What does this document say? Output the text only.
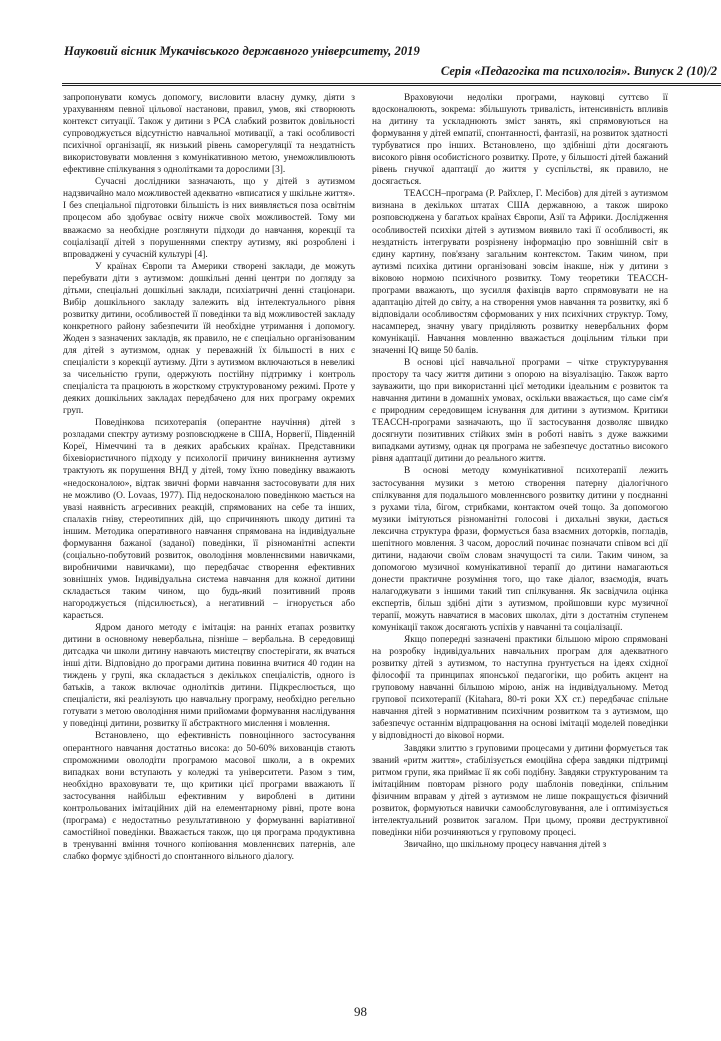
Науковий вісник Мукачівського державного університету, 2019
Серія «Педагогіка та психологія». Випуск 2 (10)/2

запропонувати комусь допомогу, висловити власну думку, діяти з урахуванням певної цільової настанови, правил, умов, які створюють контекст ситуації. Також у дитини з РСА слабкий розвиток довільності супроводжується відсутністю навчальної мотивації, а такі особливості психічної організації, як низький рівень саморегуляції та нездатність використовувати мовлення з комунікативною метою, унеможливлюють ефективне спілкування з однолітками та дорослими [3].

Сучасні дослідники зазначають, що у дітей з аутизмом надзвичайно мало можливостей адекватно «вписатися у шкільне життя». І без спеціальної підготовки більшість із них виявляється поза освітнім процесом або здобуває освіту нижче своїх можливостей. Тому ми вважаємо за необхідне розглянути підходи до навчання, корекції та соціалізації дітей з порушеннями спектру аутизму, які розроблені і впроваджені у сучасній культурі [4].

У країнах Європи та Америки створені заклади, де можуть перебувати діти з аутизмом: дошкільні денні центри по догляду за дітьми, спеціальні дошкільні заклади, психіатричні денні стаціонари. Вибір дошкільного закладу залежить від інтелектуального рівня розвитку дитини, особливостей її поведінки та від можливостей закладу конкретного району забезпечити їй необхідне утримання і допомогу. Жоден з зазначених закладів, як правило, не є спеціально організованим для дітей з аутизмом, однак у переважній їх більшості в них є спеціалісти з корекції аутизму. Діти з аутизмом включаються в невеликі за чисельністю групи, одержують постійну підтримку і контроль спеціаліста та працюють в жорсткому структурованому режимі. Проте у деяких дошкільних закладах передбачено для них програму окремих груп.

Поведінкова психотерапія (оперантне научіння) дітей з розладами спектру аутизму розповсюджене в США, Норвегії, Південній Кореї, Німеччині та в деяких арабських країнах. Представники біхевіористичного підходу у психології причину виникнення аутизму трактують як порушення ВНД у дітей, тому їхню поведінку вважають «недосконалою», відтак звичні форми навчання застосовувати для них не можливо (O. Lovaas, 1977). Під недосконалою поведінкою мається на увазі наявність агресивних реакцій, спрямованих на себе та інших, спалахів гніву, стереотипних дій, що спричиняють шкоду дитині та іншим. Методика оперативного навчання спрямована на індивідуальне формування бажаної (заданої) поведінки, її різноманітні аспекти (соціально-побутовий розвиток, оволодіння мовленнєвими навичками, виробничими навичками), що передбачає створення ефективних зовнішніх умов. Індивідуальна система навчання для кожної дитини складається таким чином, що будь-який позитивний прояв нагороджується (підсилюється), а негативний – ігнорується або карається.

Ядром даного методу є імітація: на ранніх етапах розвитку дитини в основному невербальна, пізніше – вербальна. В середовищі дитсадка чи школи дитину навчають мистецтву спостерігати, як вчаться інші діти. Відповідно до програми дитина повинна вчитися 40 годин на тиждень у групі, яка складається з декількох спеціалістів, одного із батьків, а також включає однолітків дитини. Підкреслюється, що спеціалісти, які реалізують цю навчальну програму, необхідно регельно готувати з метою оволодіння ними прийомами формування наслідування у поведінці дитини, розвитку її абстрактного мислення і мовлення.

Встановлено, що ефективність повноцінного застосування оперантного навчання достатньо висока: до 50-60% вихованців стають спроможними оволодіти програмою масової школи, а в окремих випадках вони вступають у коледжі та університети. Разом з тим, необхідно враховувати те, що критики цієї програми вважають її застосування найбільш ефективним у вироблені в дитини контрольованих імітаційних дій на елементарному рівні, проте вона (програма) є недостатньо результативною у формуванні варіативної самостійної поведінки. Вважається також, що ця програма продуктивна в тренуванні вміння точного копіювання мовленнєвих патернів, але слабко формує здібності до спонтанного вільного діалогу.

Враховуючи недоліки програми, науковці суттєво її вдосконалюють, зокрема: збільшують тривалість, інтенсивність впливів на дитину та ускладнюють зміст занять, які спрямовуються на формування у дітей емпатії, спонтанності, фантазії, на розвиток здатності турбуватися про інших. Встановлено, що здібніші діти досягають високого рівня особистісного розвитку. Проте, у більшості дітей бажаний рівень гнучкої адаптації до життя у суспільстві, як правило, не досягається.

TEACCH–програма (Р. Райхлер, Г. Месібов) для дітей з аутизмом визнана в декількох штатах США державною, а також широко розповсюджена у багатьох країнах Європи, Азії та Африки. Дослідження особливостей психіки дітей з аутизмом виявило такі її особливості, як нездатність інтегрувати розрізнену інформацію про зовнішній світ в єдину картину, пов'язану загальним контекстом. Таким чином, при аутизмі психіка дитини організовані зовсім інакше, ніж у дитини з віковою нормою психічного розвитку. Тому теоретики TEACCH-програми вважають, що зусилля фахівців варто спрямовувати не на адаптацію дітей до світу, а на створення умов навчання та розвитку, які б відповідали особливостям сформованих у них психічних структур. Тому, насамперед, значну увагу приділяють розвитку невербальних форм комунікації. Навчання мовленню вважається доцільним тільки при значенні IQ вище 50 балів.

В основі цієї навчальної програми – чітке структурування простору та часу життя дитини з опорою на візуалізацію. Також варто зауважити, що при використанні цієї методики ідеальним є розвиток та навчання дитини в домашніх умовах, оскільки вважається, що саме сім'я є природним середовищем існування для дитини з аутизмом. Критики TEACCH-програми зазначають, що її застосування дозволяє швидко досягнути позитивних стійких змін в роботі навіть з дуже важкими випадками аутизму, однак ця програма не забезпечує достатньо високого рівня адаптації дитини до реального життя.

В основі методу комунікативної психотерапії лежить застосування музики з метою створення патерну діалогічного спілкування для подальшого мовленнєвого розвитку дитини у поєднанні з рухами тіла, бігом, стрибками, контактом очей тощо. За допомогою музики імітуються різноманітні голосові і дихальні звуки, дається лексична структура фрази, формується база взаємних доторків, погладів, шепітного мовлення. З часом, дорослий починає позначати співом всі дії дитини, надаючи своїм словам значущості та сили. Таким чином, за допомогою музичної комунікативної терапії до дитини намагаються донести практичне розуміння того, що таке діалог, взаємодія, вчать налагоджувати з іншими такий тип спілкування. Як засвідчила оцінка експертів, більш здібні діти з аутизмом, пройшовши курс музичної терапії, можуть навчатися в масових школах, діти з достатнім ступенем комунікації також досягають успіхів у навчанні та соціалізації.

Якщо попередні зазначені практики більшою мірою спрямовані на розробку індивідуальних навчальних програм для адекватного розвитку дітей з аутизмом, то наступна ґрунтується на ідеях східної філософії та принципах японської педагогіки, що робить акцент на груповому навчанні більшою мірою, аніж на індивідуальному. Метод групової психотерапії (Kitahara, 80-ті роки XX ст.) передбачає спільне навчання дітей з нормативним психічним розвитком та з аутизмом, що забезпечує останнім відпрацювання на основі імітації моделей поведінки у відповідності до вікової норми.

Завдяки злиттю з груповими процесами у дитини формується так званий «ритм життя», стабілізується емоційна сфера завдяки підтримці ритмом групи, яка приймає її як собі подібну. Завдяки структурованим та імітаційним повторам різного роду шаблонів поведінки, спільним фізичним вправам у дітей з аутизмом не лише покращується фізичний розвиток, формуються навички самообслуговування, але і оптимізується інтелектуальний розвиток загалом. При цьому, прояви деструктивної поведінки ніби розчиняються у груповому процесі.

Звичайно, що шкільному процесу навчання дітей з

98
